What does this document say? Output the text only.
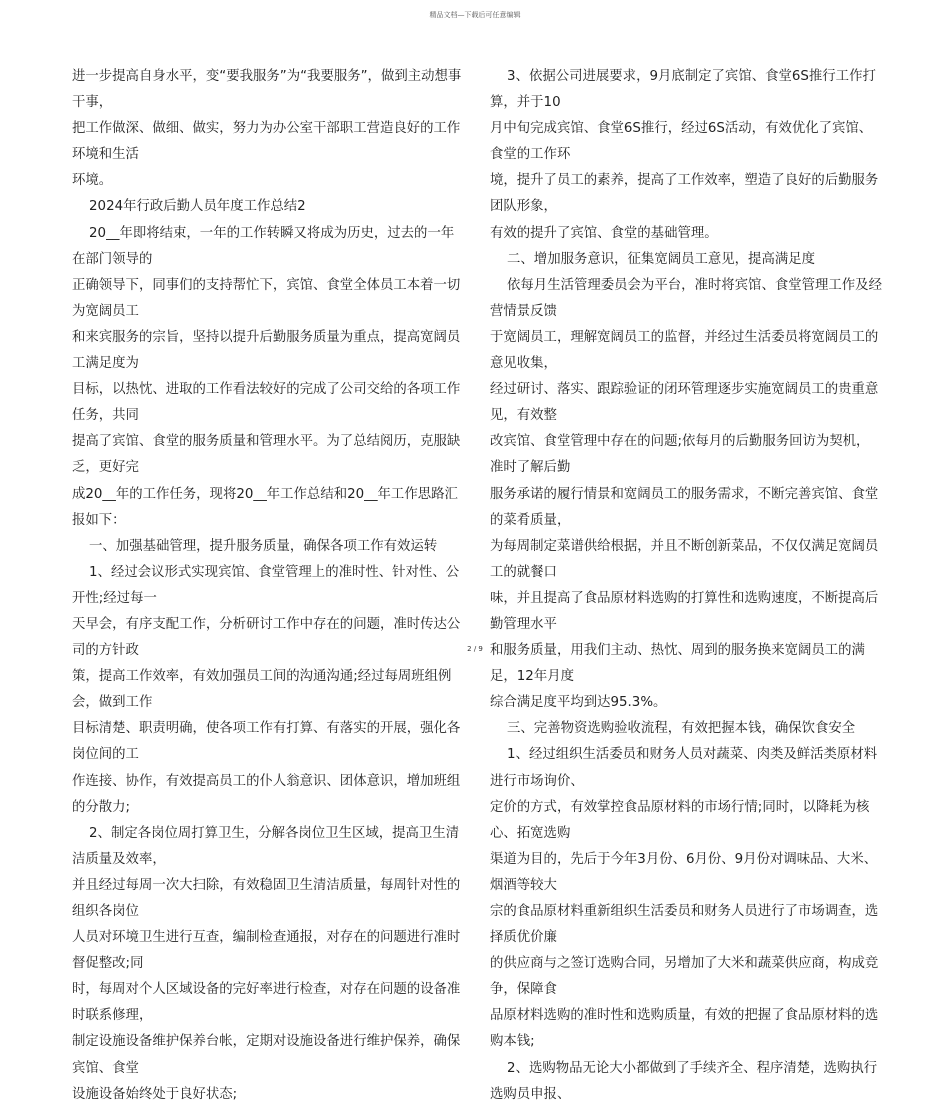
精品文档—下载后可任意编辑

进一步提高自身水平，变“要我服务”为“我要服务”，做到主动想事干事，

把工作做深、做细、做实，努力为办公室干部职工营造良好的工作环境和生活

环境。

2024年行政后勤人员年度工作总结2

20__年即将结束，一年的工作转瞬又将成为历史，过去的一年在部门领导的

正确领导下，同事们的支持帮忙下，宾馆、食堂全体员工本着一切为宽阔员工

和来宾服务的宗旨，坚持以提升后勤服务质量为重点，提高宽阔员工满足度为

目标，以热忱、进取的工作看法较好的完成了公司交给的各项工作任务，共同

提高了宾馆、食堂的服务质量和管理水平。为了总结阅历，克服缺乏，更好完

成20__年的工作任务，现将20__年工作总结和20__年工作思路汇报如下：

一、加强基础管理，提升服务质量，确保各项工作有效运转

1、经过会议形式实现宾馆、食堂管理上的准时性、针对性、公开性;经过每一

天早会，有序支配工作，分析研讨工作中存在的问题，准时传达公司的方针政

策，提高工作效率，有效加强员工间的沟通沟通;经过每周班组例会，做到工作

目标清楚、职责明确，使各项工作有打算、有落实的开展，强化各岗位间的工

作连接、协作，有效提高员工的仆人翁意识、团体意识，增加班组的分散力;

2、制定各岗位周打算卫生，分解各岗位卫生区域，提高卫生清洁质量及效率，

并且经过每周一次大扫除，有效稳固卫生清洁质量，每周针对性的组织各岗位

人员对环境卫生进行互查，编制检查通报，对存在的问题进行准时督促整改;同

时，每周对个人区域设备的完好率进行检查，对存在问题的设备准时联系修理，

制定设施设备维护保养台帐，定期对设施设备进行维护保养，确保宾馆、食堂

设施设备始终处于良好状态;

3、依据公司进展要求，9月底制定了宾馆、食堂6S推行工作打算，并于10

月中旬完成宾馆、食堂6S推行，经过6S活动，有效优化了宾馆、食堂的工作环

境，提升了员工的素养，提高了工作效率，塑造了良好的后勤服务团队形象，

有效的提升了宾馆、食堂的基础管理。

二、增加服务意识，征集宽阔员工意见，提高满足度

依每月生活管理委员会为平台，准时将宾馆、食堂管理工作及经营情景反馈

于宽阔员工，理解宽阔员工的监督，并经过生活委员将宽阔员工的意见收集，

经过研讨、落实、跟踪验证的闭环管理逐步实施宽阔员工的贵重意见，有效整

改宾馆、食堂管理中存在的问题;依每月的后勤服务回访为契机，准时了解后勤

服务承诺的履行情景和宽阔员工的服务需求，不断完善宾馆、食堂的菜肴质量，

为每周制定菜谱供给根据，并且不断创新菜品，不仅仅满足宽阔员工的就餐口

味，并且提高了食品原材料选购的打算性和选购速度，不断提高后勤管理水平

和服务质量，用我们主动、热忱、周到的服务换来宽阔员工的满足，12年月度

综合满足度平均到达95.3%。

三、完善物资选购验收流程，有效把握本钱，确保饮食安全

1、经过组织生活委员和财务人员对蔬菜、肉类及鲜活类原材料进行市场询价、

定价的方式，有效掌控食品原材料的市场行情;同时，以降耗为核心、拓宽选购

渠道为目的，先后于今年3月份、6月份、9月份对调味品、大米、烟酒等较大

宗的食品原材料重新组织生活委员和财务人员进行了市场调查，选择质优价廉

的供应商与之签订选购合同，另增加了大米和蔬菜供应商，构成竞争，保障食

品原材料选购的准时性和选购质量，有效的把握了食品原材料的选购本钱;

2、选购物品无论大小都做到了手续齐全、程序清楚，选购执行选购员申报、

2 / 9
